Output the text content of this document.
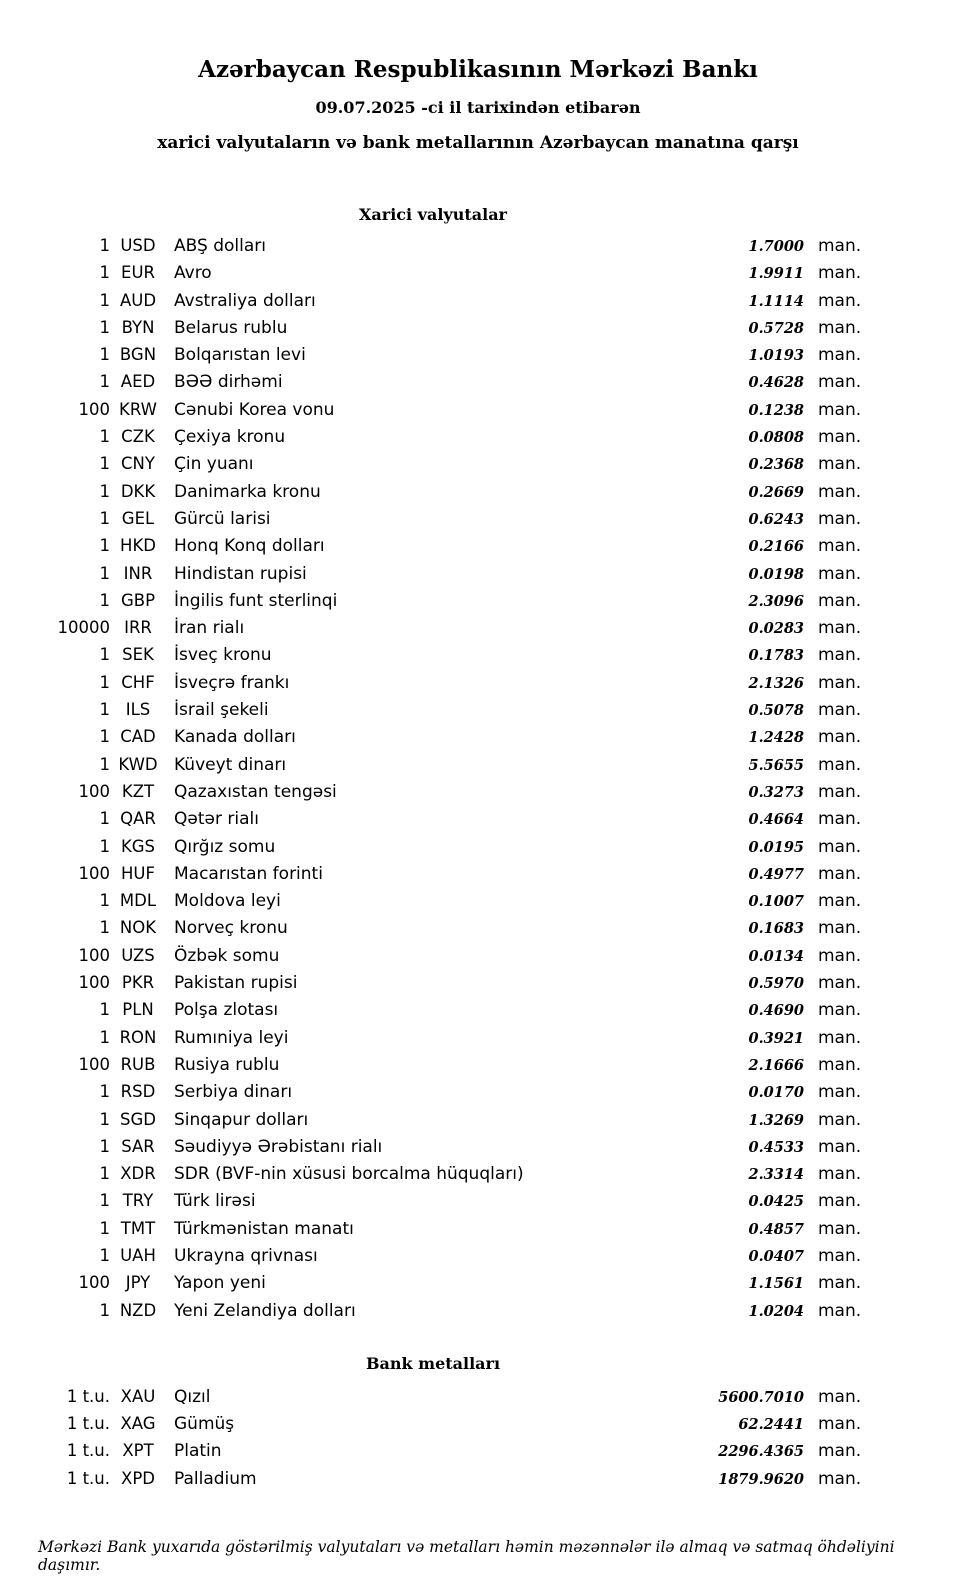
Azərbaycan Respublikasının Mərkəzi Bankı
09.07.2025 -ci il tarixindən etibarən
xarici valyutaların və bank metallarının Azərbaycan manatına qarşı
Xarici valyutalar
1 USD	ABŞ dolları	1.7000 man.
1 EUR	Avro	1.9911 man.
1 AUD	Avstraliya dolları	1.1114 man.
1 BYN	Belarus rublu	0.5728 man.
1 BGN	Bolqarıstan levi	1.0193 man.
1 AED	BƏƏ dirhəmi	0.4628 man.
100 KRW	Cənubi Korea vonu	0.1238 man.
1 CZK	Çexiya kronu	0.0808 man.
1 CNY	Çin yuanı	0.2368 man.
1 DKK	Danimarka kronu	0.2669 man.
1 GEL	Gürcü larisi	0.6243 man.
1 HKD	Honq Konq dolları	0.2166 man.
1 INR	Hindistan rupisi	0.0198 man.
1 GBP	İngilis funt sterlinqi	2.3096 man.
10000 IRR	İran rialı	0.0283 man.
1 SEK	İsveç kronu	0.1783 man.
1 CHF	İsveçrə frankı	2.1326 man.
1 ILS	İsrail şekeli	0.5078 man.
1 CAD	Kanada dolları	1.2428 man.
1 KWD Küveyt dinarı	5.5655 man.
100 KZT	Qazaxıstan tengəsi	0.3273 man.
1 QAR	Qətər rialı	0.4664 man.
1 KGS	Qırğız somu	0.0195 man.
100 HUF	Macarıstan forinti	0.4977 man.
1 MDL	Moldova leyi	0.1007 man.
1 NOK	Norveç kronu	0.1683 man.
100 UZS	Özbək somu	0.0134 man.
100 PKR	Pakistan rupisi	0.5970 man.
1 PLN	Polşa zlotası	0.4690 man.
1 RON	Rumıniya leyi	0.3921 man.
100 RUB	Rusiya rublu	2.1666 man.
1 RSD	Serbiya dinarı	0.0170 man.
1 SGD	Sinqapur dolları	1.3269 man.
1 SAR	Səudiyyə Ərəbistanı rialı	0.4533 man.
1 XDR	SDR (BVF-nin xüsusi borcalma hüquqları)	2.3314 man.
1 TRY	Türk lirəsi	0.0425 man.
1 TMT	Türkmənistan manatı	0.4857 man.
1 UAH	Ukrayna qrivnası	0.0407 man.
100 JPY	Yapon yeni	1.1561 man.
1 NZD	Yeni Zelandiya dolları	1.0204 man.
Bank metalları
1 t.u. XAU	Qızıl	5600.7010 man.
1 t.u. XAG	Gümüş	62.2441 man.
1 t.u. XPT	Platin	2296.4365 man.
1 t.u. XPD	Palladium	1879.9620 man.
Mərkəzi Bank yuxarıda göstərilmiş valyutaları və metalları həmin məzənnələr ilə almaq və satmaq öhdəliyini daşımır.
